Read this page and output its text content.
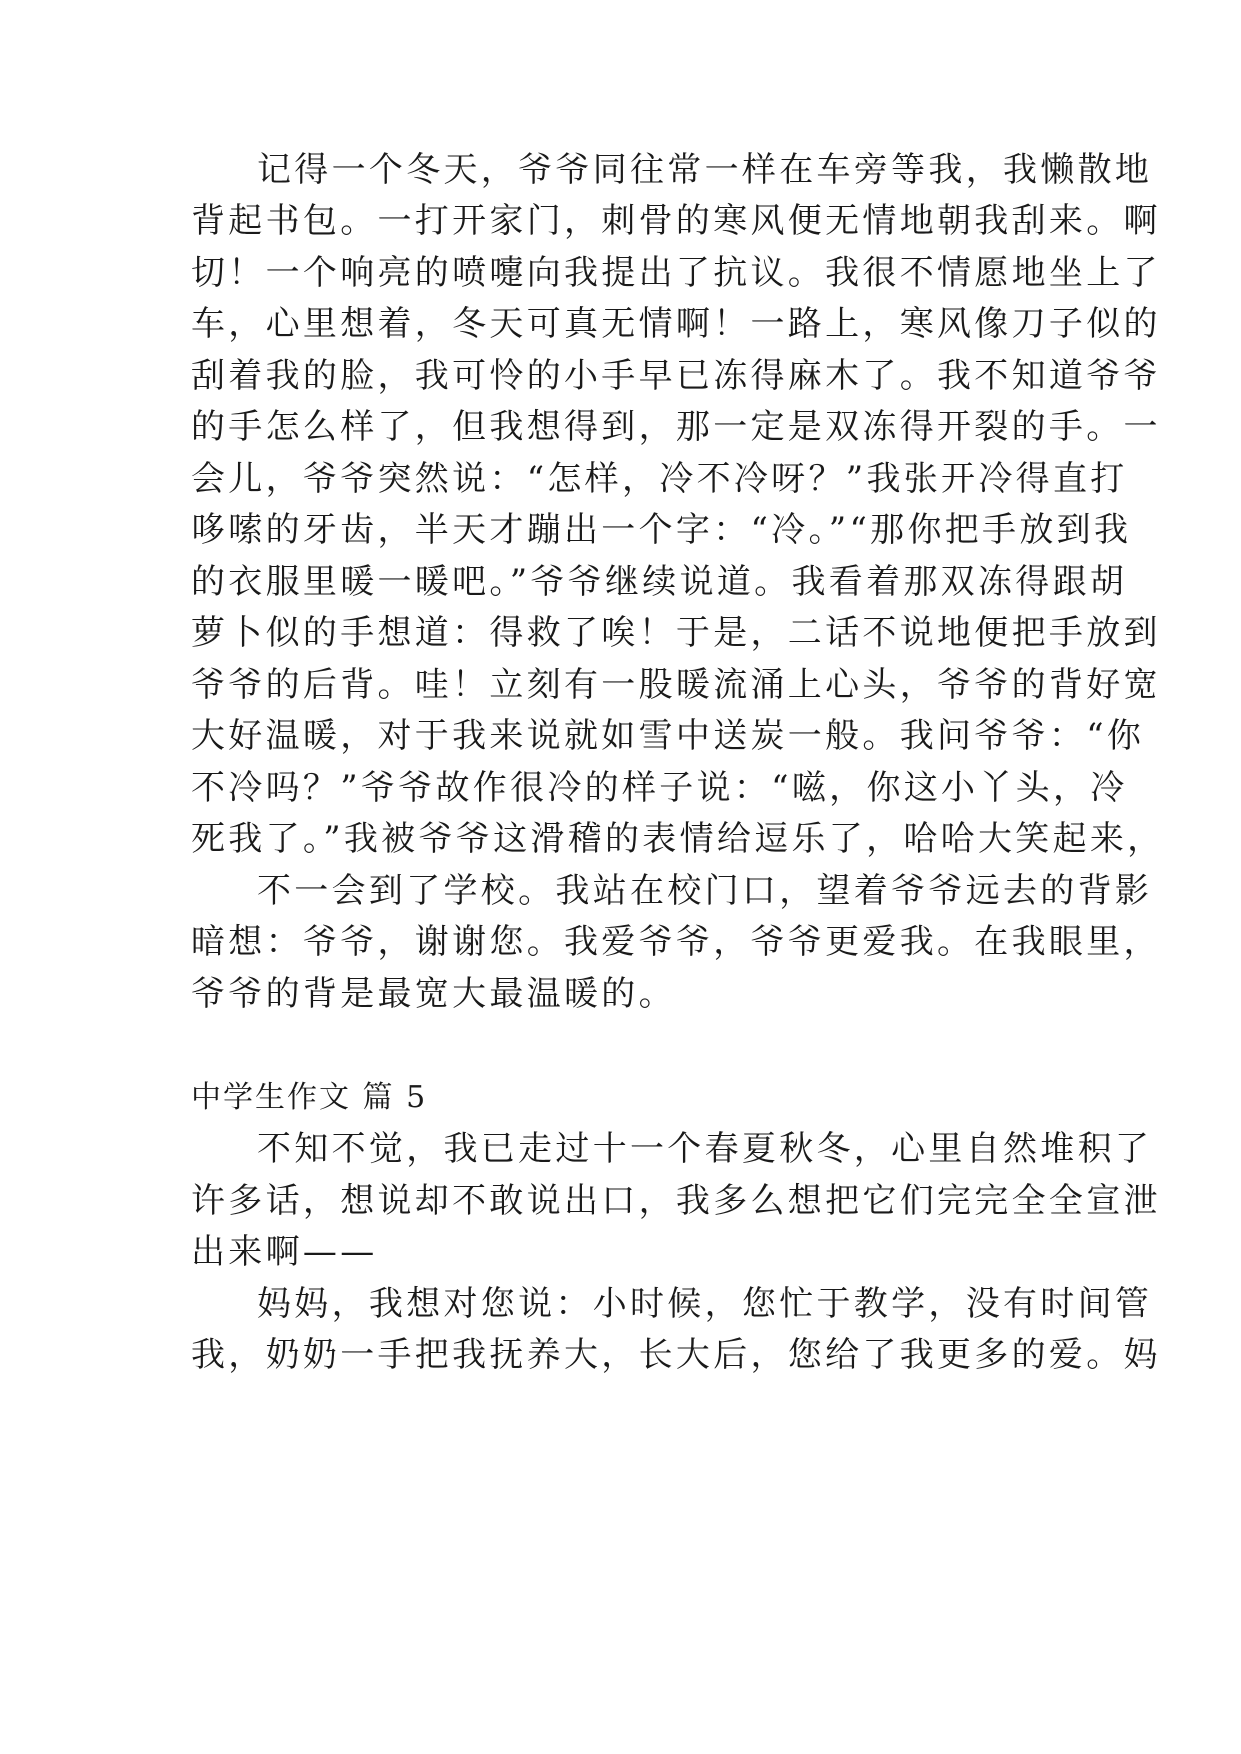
记得一个冬天，爷爷同往常一样在车旁等我，我懒散地
背起书包。一打开家门，刺骨的寒风便无情地朝我刮来。啊
切！一个响亮的喷嚏向我提出了抗议。我很不情愿地坐上了
车，心里想着，冬天可真无情啊！一路上，寒风像刀子似的
刮着我的脸，我可怜的小手早已冻得麻木了。我不知道爷爷
的手怎么样了，但我想得到，那一定是双冻得开裂的手。一
会儿，爷爷突然说：“怎样，冷不冷呀？”我张开冷得直打
哆嗦的牙齿，半天才蹦出一个字：“冷。”“那你把手放到我
的衣服里暖一暖吧。”爷爷继续说道。我看着那双冻得跟胡
萝卜似的手想道：得救了唉！于是，二话不说地便把手放到
爷爷的后背。哇！立刻有一股暖流涌上心头，爷爷的背好宽
大好温暖，对于我来说就如雪中送炭一般。我问爷爷：“你
不冷吗？”爷爷故作很冷的样子说：“嗞，你这小丫头，冷
死我了。”我被爷爷这滑稽的表情给逗乐了，哈哈大笑起来，
不一会到了学校。我站在校门口，望着爷爷远去的背影
暗想：爷爷，谢谢您。我爱爷爷，爷爷更爱我。在我眼里，
爷爷的背是最宽大最温暖的。
中学生作文 篇 5
不知不觉，我已走过十一个春夏秋冬，心里自然堆积了
许多话，想说却不敢说出口，我多么想把它们完完全全宣泄
出来啊——
妈妈，我想对您说：小时候，您忙于教学，没有时间管
我，奶奶一手把我抚养大，长大后，您给了我更多的爱。妈
